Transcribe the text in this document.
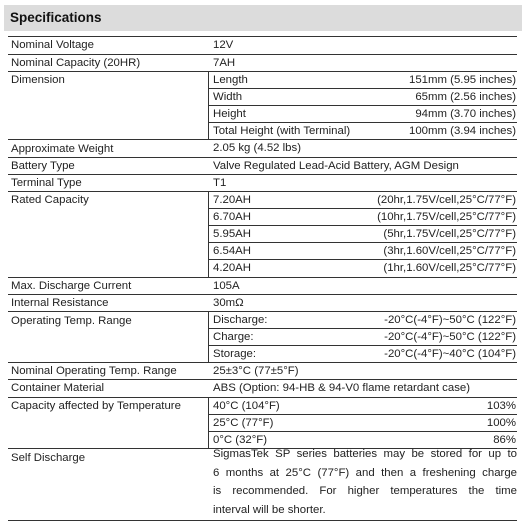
Specifications
Nominal Voltage	12V
Nominal Capacity (20HR)	7AH
Dimension	Length	151mm (5.95 inches)
Width	65mm (2.56 inches)
Height	94mm (3.70 inches)
Total Height (with Terminal)	100mm (3.94 inches)
Approximate Weight	2.05 kg (4.52 lbs)
Battery Type	Valve Regulated Lead-Acid Battery, AGM Design
Terminal Type	T1
Rated Capacity	7.20AH	(20hr,1.75V/cell,25°C/77°F)
6.70AH	(10hr,1.75V/cell,25°C/77°F)
5.95AH	(5hr,1.75V/cell,25°C/77°F)
6.54AH	(3hr,1.60V/cell,25°C/77°F)
4.20AH	(1hr,1.60V/cell,25°C/77°F)
Max. Discharge Current	105A
Internal Resistance	30mΩ
Operating Temp. Range	Discharge:	-20°C(-4°F)~50°C (122°F)
Charge:	-20°C(-4°F)~50°C (122°F)
Storage:	-20°C(-4°F)~40°C (104°F)
Nominal Operating Temp. Range	25±3°C (77±5°F)
Container Material	ABS (Option: 94-HB & 94-V0 flame retardant case)
Capacity affected by Temperature	40°C (104°F)	103%
25°C (77°F)	100%
0°C (32°F)	86%
Self Discharge	SigmasTek SP series batteries may be stored for up to
6 months at 25°C (77°F) and then a freshening charge
is recommended. For higher temperatures the time
interval will be shorter.
